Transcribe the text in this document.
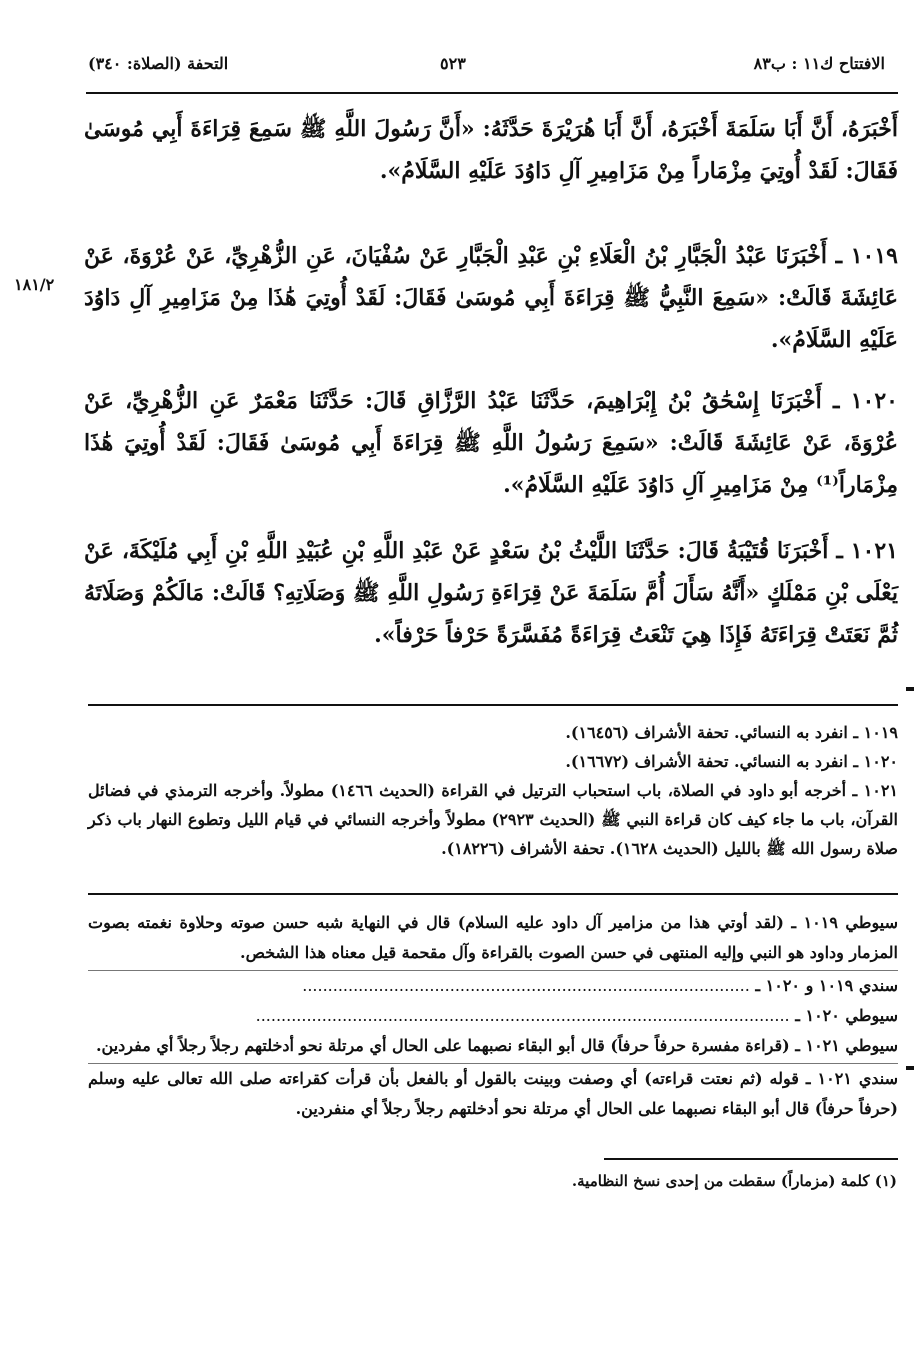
الافتتاح ك١١ : ب٨٣
٥٢٣
التحفة (الصلاة: ٣٤٠)

أَخْبَرَهُ، أَنَّ أَبَا سَلَمَةَ أَخْبَرَهُ، أَنَّ أَبَا هُرَيْرَةَ حَدَّثَهُ: «أَنَّ رَسُولَ اللَّهِ ﷺ سَمِعَ قِرَاءَةَ أَبِي مُوسَىٰ فَقَالَ: لَقَدْ أُوتِيَ مِزْمَاراً مِنْ مَزَامِيرِ آلِ دَاوُدَ عَلَيْهِ السَّلَامُ».

١٠١٩ ـ أَخْبَرَنَا عَبْدُ الْجَبَّارِ بْنُ الْعَلَاءِ بْنِ عَبْدِ الْجَبَّارِ عَنْ سُفْيَانَ، عَنِ الزُّهْرِيِّ، عَنْ عُرْوَةَ، عَنْ عَائِشَةَ قَالَتْ: «سَمِعَ النَّبِيُّ ﷺ قِرَاءَةَ أَبِي مُوسَىٰ فَقَالَ: لَقَدْ أُوتِيَ هَٰذَا مِنْ مَزَامِيرِ آلِ دَاوُدَ عَلَيْهِ السَّلَامُ».

١٨١/٢

١٠٢٠ ـ أَخْبَرَنَا إِسْحَٰقُ بْنُ إِبْرَاهِيمَ، حَدَّثَنَا عَبْدُ الرَّزَّاقِ قَالَ: حَدَّثَنَا مَعْمَرٌ عَنِ الزُّهْرِيِّ، عَنْ عُرْوَةَ، عَنْ عَائِشَةَ قَالَتْ: «سَمِعَ رَسُولُ اللَّهِ ﷺ قِرَاءَةَ أَبِي مُوسَىٰ فَقَالَ: لَقَدْ أُوتِيَ هَٰذَا مِزْمَاراً⁽¹⁾ مِنْ مَزَامِيرِ آلِ دَاوُدَ عَلَيْهِ السَّلَامُ».

١٠٢١ ـ أَخْبَرَنَا قُتَيْبَةُ قَالَ: حَدَّثَنَا اللَّيْثُ بْنُ سَعْدٍ عَنْ عَبْدِ اللَّهِ بْنِ عُبَيْدِ اللَّهِ بْنِ أَبِي مُلَيْكَةَ، عَنْ يَعْلَى بْنِ مَمْلَكٍ «أَنَّهُ سَأَلَ أُمَّ سَلَمَةَ عَنْ قِرَاءَةِ رَسُولِ اللَّهِ ﷺ وَصَلَاتِهِ؟ قَالَتْ: مَالَكُمْ وَصَلَاتَهُ ثُمَّ نَعَتَتْ قِرَاءَتَهُ فَإِذَا هِيَ تَنْعَتُ قِرَاءَةً مُفَسَّرَةً حَرْفاً حَرْفاً».

١٠١٩ ـ انفرد به النسائي. تحفة الأشراف (١٦٤٥٦).

١٠٢٠ ـ انفرد به النسائي. تحفة الأشراف (١٦٦٧٢).

١٠٢١ ـ أخرجه أبو داود في الصلاة، باب استحباب الترتيل في القراءة (الحديث ١٤٦٦) مطولاً. وأخرجه الترمذي في فضائل القرآن، باب ما جاء كيف كان قراءة النبي ﷺ (الحديث ٢٩٢٣) مطولاً وأخرجه النسائي في قيام الليل وتطوع النهار باب ذكر صلاة رسول الله ﷺ بالليل (الحديث ١٦٢٨). تحفة الأشراف (١٨٢٢٦).

سيوطي ١٠١٩ ـ (لقد أوتي هذا من مزامير آل داود عليه السلام) قال في النهاية شبه حسن صوته وحلاوة نغمته بصوت المزمار وداود هو النبي وإليه المنتهى في حسن الصوت بالقراءة وآل مقحمة قيل معناه هذا الشخص.

سندي ١٠١٩ و ١٠٢٠ ـ ........................................................................................

سيوطي ١٠٢٠ ـ .........................................................................................................

سيوطي ١٠٢١ ـ (قراءة مفسرة حرفاً حرفاً) قال أبو البقاء نصبهما على الحال أي مرتلة نحو أدخلتهم رجلاً رجلاً أي مفردين.

سندي ١٠٢١ ـ قوله (ثم نعتت قراءته) أي وصفت وبينت بالقول أو بالفعل بأن قرأت كقراءته صلى الله تعالى عليه وسلم (حرفاً حرفاً) قال أبو البقاء نصبهما على الحال أي مرتلة نحو أدخلتهم رجلاً رجلاً أي منفردين.

(١) كلمة (مزماراً) سقطت من إحدى نسخ النظامية.
